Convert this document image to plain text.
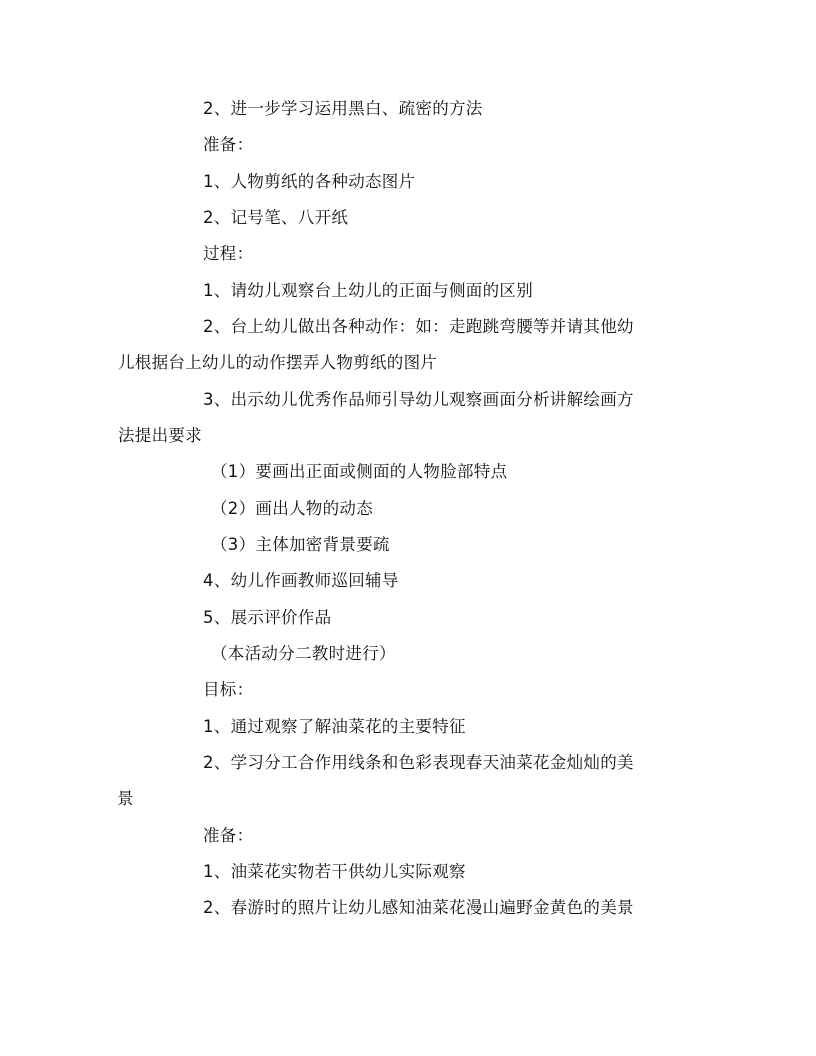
2、进一步学习运用黑白、疏密的方法
准备：
1、人物剪纸的各种动态图片
2、记号笔、八开纸
过程：
1、请幼儿观察台上幼儿的正面与侧面的区别
2、台上幼儿做出各种动作：如：走跑跳弯腰等并请其他幼
儿根据台上幼儿的动作摆弄人物剪纸的图片
3、出示幼儿优秀作品师引导幼儿观察画面分析讲解绘画方
法提出要求
（1）要画出正面或侧面的人物脸部特点
（2）画出人物的动态
（3）主体加密背景要疏
4、幼儿作画教师巡回辅导
5、展示评价作品
（本活动分二教时进行）
目标：
1、通过观察了解油菜花的主要特征
2、学习分工合作用线条和色彩表现春天油菜花金灿灿的美
景
准备：
1、油菜花实物若干供幼儿实际观察
2、春游时的照片让幼儿感知油菜花漫山遍野金黄色的美景
